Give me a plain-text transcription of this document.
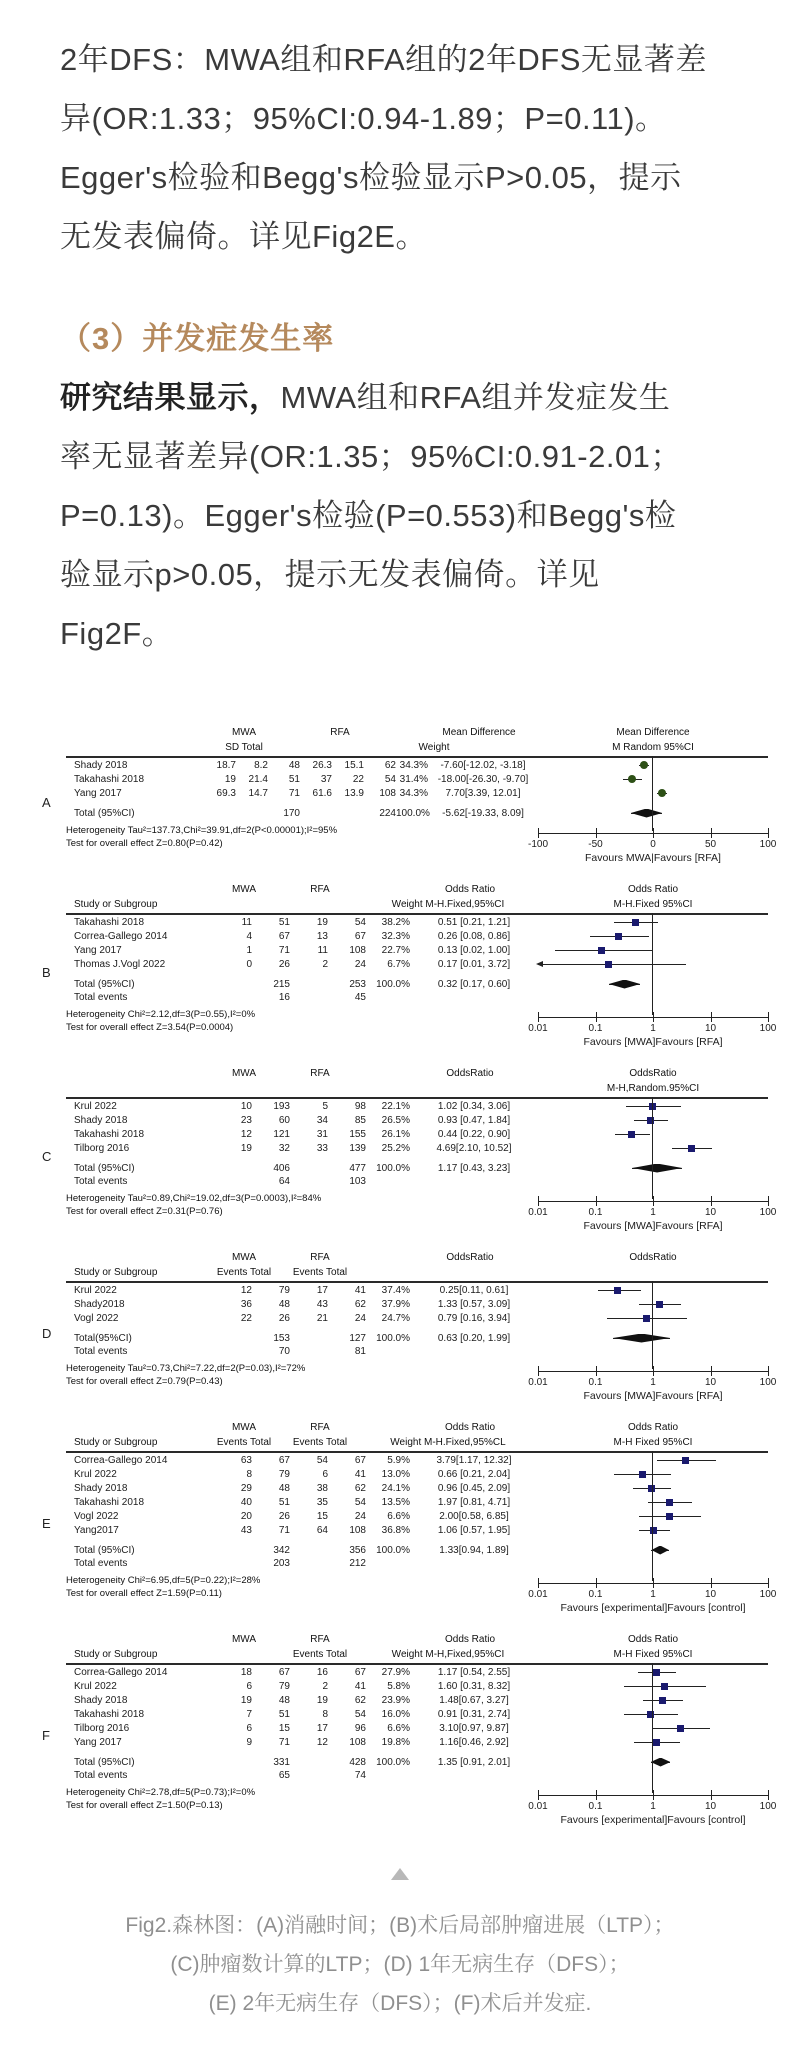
2年DFS：MWA组和RFA组的2年DFS无显著差
异(OR:1.33；95%CI:0.94-1.89；P=0.11)。
Egger's检验和Begg's检验显示P>0.05，提示
无发表偏倚。详见Fig2E。
（3）并发症发生率
研究结果显示，MWA组和RFA组并发症发生
率无显著差异(OR:1.35；95%CI:0.91-2.01；
P=0.13)。Egger's检验(P=0.553)和Begg's检
验显示p>0.05，提示无发表偏倚。详见
Fig2F。
A
MWA	RFA	Mean Difference	Mean Difference
SD Total	Weight	M Random 95%CI
Shady 2018	18.7	8.2	48	26.3	15.1	62 34.3%	-7.60[-12.02, -3.18]
Takahashi 2018	19	21.4	51	37	22	54 31.4% -18.00[-26.30, -9.70]
Yang 2017	69.3	14.7	71	61.6	13.9	108 34.3%	7.70[3.39, 12.01]
Total (95%CI)	170	224 100.0%	-5.62[-19.33, 8.09]
Heterogeneity Tau²=137.73,Chi²=39.91,df=2(P<0.00001);I²=95%
Test for overall effect Z=0.80(P=0.42)	-100	-50	0	50	100
Favours MWA|Favours [RFA]
B
MWA	RFA	Odds Ratio	Odds Ratio
Study or Subgroup	Weight M-H.Fixed,95%CI	M-H.Fixed 95%CI
Takahashi 2018	11	51	19	54	38.2%	0.51 [0.21, 1.21]
Correa-Gallego 2014	4	67	13	67	32.3%	0.26 [0.08, 0.86]
Yang 2017	1	71	11	108	22.7%	0.13 [0.02, 1.00]
Thomas J.Vogl 2022	0	26	2	24	6.7%	0.17 [0.01, 3.72]
Total (95%CI)	215	253	100.0%	0.32 [0.17, 0.60]
Total events	16	45
Heterogeneity Chi²=2.12,df=3(P=0.55),I²=0%
Test for overall effect Z=3.54(P=0.0004)	0.01	0.1	1	10	100
Favours [MWA]Favours [RFA]
C
MWA	RFA	OddsRatio	OddsRatio
M-H,Random.95%CI
Krul 2022	10	193	5	98	22.1%	1.02 [0.34, 3.06]
Shady 2018	23	60	34	85	26.5%	0.93 [0.47, 1.84]
Takahashi 2018	12	121	31	155	26.1%	0.44 [0.22, 0.90]
Tilborg 2016	19	32	33	139	25.2%	4.69[2.10, 10.52]
Total (95%CI)	406	477	100.0%	1.17 [0.43, 3.23]
Total events	64	103
Heterogeneity Tau²=0.89,Chi²=19.02,df=3(P=0.0003),I²=84%
Test for overall effect Z=0.31(P=0.76)	0.01	0.1	1	10	100
Favours [MWA]Favours [RFA]
D
MWA	RFA	OddsRatio	OddsRatio
Study or Subgroup	Events Total Events Total
Krul 2022	12	79	17	41	37.4%	0.25[0.11, 0.61]
Shady2018	36	48	43	62	37.9%	1.33 [0.57, 3.09]
Vogl 2022	22	26	21	24	24.7%	0.79 [0.16, 3.94]
Total(95%CI)	153	127	100.0%	0.63 [0.20, 1.99]
Total events	70	81
Heterogeneity Tau²=0.73,Chi²=7.22,df=2(P=0.03),I²=72%
Test for overall effect Z=0.79(P=0.43)	0.01	0.1	1	10	100
Favours [MWA]Favours [RFA]
E
MWA	RFA	Odds Ratio	Odds Ratio
Study or Subgroup	Events Total Events Total	Weight M-H.Fixed,95%CL	M-H Fixed 95%CI
Correa-Gallego 2014	63	67	54	67	5.9%	3.79[1.17, 12.32]
Krul 2022	8	79	6	41	13.0%	0.66 [0.21, 2.04]
Shady 2018	29	48	38	62	24.1%	0.96 [0.45, 2.09]
Takahashi 2018	40	51	35	54	13.5%	1.97 [0.81, 4.71]
Vogl 2022	20	26	15	24	6.6%	2.00[0.58, 6.85]
Yang2017	43	71	64	108	36.8%	1.06 [0.57, 1.95]
Total (95%CI)	342	356	100.0%	1.33[0.94, 1.89]
Total events	203	212
Heterogeneity Chi²=6.95,df=5(P=0.22);I²=28%
Test for overall effect Z=1.59(P=0.11)	0.01	0.1	1	10	100
Favours [experimental]Favours [control]
F
MWA	RFA	Odds Ratio	Odds Ratio
Study or Subgroup	Events Total	Weight M-H,Fixed,95%CI	M-H Fixed 95%CI
Correa-Gallego 2014	18	67	16	67	27.9%	1.17 [0.54, 2.55]
Krul 2022	6	79	2	41	5.8%	1.60 [0.31, 8.32]
Shady 2018	19	48	19	62	23.9%	1.48[0.67, 3.27]
Takahashi 2018	7	51	8	54	16.0%	0.91 [0.31, 2.74]
Tilborg 2016	6	15	17	96	6.6%	3.10[0.97, 9.87]
Yang 2017	9	71	12	108	19.8%	1.16[0.46, 2.92]
Total (95%CI)	331	428	100.0%	1.35 [0.91, 2.01]
Total events	65	74
Heterogeneity Chi²=2.78,df=5(P=0.73);I²=0%
Test for overall effect Z=1.50(P=0.13)	0.01	0.1	1	10	100
Favours [experimental]Favours [control]
Fig2.森林图：(A)消融时间；(B)术后局部肿瘤进展（LTP）；
(C)肿瘤数计算的LTP；(D) 1年无病生存（DFS）；
(E) 2年无病生存（DFS）；(F)术后并发症.
